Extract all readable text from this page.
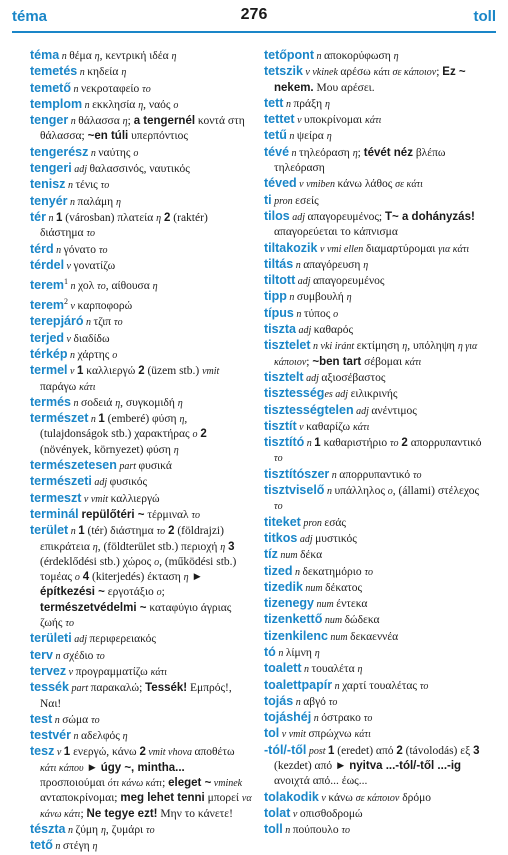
téma	276	toll
téma n θέμα η, κεντρική ιδέα η
temetés n κηδεία η
temető n νεκροταφείο το
templom n εκκλησία η, ναός ο
tenger n θάλασσα η; a tengernél κοντά στη θάλασσα; ~en túli υπερπόντιος
tengerész n ναύτης ο
tengeri adj θαλασσινός, ναυτικός
tenisz n τένις το
tenyér n παλάμη η
tér n 1 (városban) πλατεία η 2 (raktér) διάστημα το
térd n γόνατο το
térdel v γονατίζω
terem$^1$ n χολ το, αίθουσα η
terem$^2$ v καρποφορώ
terepjáró n τζιπ το
terjed v διαδίδω
térkép n χάρτης ο
termel v 1 καλλιεργώ 2 (üzem stb.) vmit παράγω κάτι
termés n σοδειά η, συγκομιδή η
természet n 1 (emberé) φύση η, (tulajdonságok stb.) χαρακτήρας ο 2 (növények, környezet) φύση η
természetesen part φυσικά
természeti adj φυσικός
termeszt v vmit καλλιεργώ
terminál repülőtéri ~ τέρμιναλ το
terület n 1 (tér) διάστημα το 2 (földrajzi) επικράτεια η, (földterület stb.) περιοχή η 3 (érdeklődési stb.) χώρος ο, (működési stb.) τομέας ο 4 (kiterjedés) έκταση η ► építkezési ~ εργοτάξιο ο; természetvédelmi ~ καταφύγιο άγριας ζωής το
területi adj περιφερειακός
terv n σχέδιο το
tervez v προγραμματίζω κάτι
tessék part παρακαλώ; Tessék! Εμπρός!, Ναι!
test n σώμα το
testvér n αδελφός η
tesz v 1 ενεργώ, κάνω 2 vmit vhova αποθέτω κάτι κάπου ► úgy ~, mintha... προσποιούμαι ότι κάνω κάτι; eleget ~ vminek ανταποκρίνομαι; meg lehet tenni μπορεί να κάνω κάτι; Ne tegye ezt! Μην το κάνετε!
tészta n ζύμη η, ζυμάρι το
tető n στέγη η
tetőpont n αποκορύφωση η
tetszik v vkinek αρέσω κάτι σε κάποιον; Ez ~ nekem. Μου αρέσει.
tett n πράξη η
tettet v υποκρίνομαι κάτι
tetű n ψείρα η
tévé n τηλεόραση η; tévét néz βλέπω τηλεόραση
téved v vmiben κάνω λάθος σε κάτι
ti pron εσείς
tilos adj απαγορευμένος; T~ a dohányzás! απαγορεύεται το κάπνισμα
tiltakozik v vmi ellen διαμαρτύρομαι για κάτι
tiltás n απαγόρευση η
tiltott adj απαγορευμένος
tipp n συμβουλή η
típus n τύπος ο
tiszta adj καθαρός
tisztelet n vki iránt εκτίμηση η, υπόληψη η για κάποιον; ~ben tart σέβομαι κάτι
tisztelt adj αξιοσέβαστος
tisztességes adj ειλικρινής
tisztességtelen adj ανέντιμος
tisztít v καθαρίζω κάτι
tisztító n 1 καθαριστήριο το 2 απορρυπαντικό το
tisztítószer n απορρυπαντικό το
tisztviselő n υπάλληλος ο, (állami) στέλεχος το
titeket pron εσάς
titkos adj μυστικός
tíz num δέκα
tized n δεκατημόριο το
tizedik num δέκατος
tizenegy num έντεκα
tizenkettő num δώδεκα
tizenkilenc num δεκαεννέα
tó n λίμνη η
toalett n τουαλέτα η
toalettpapír n χαρτί τουαλέτας το
tojás n αβγό το
tojáshéj n όστρακο το
tol v vmit σπρώχνω κάτι
-tól/-től post 1 (eredet) από 2 (távolodás) εξ 3 (kezdet) από ► nyitva ...-tól/-től ...-ig ανοιχτά από... έως...
tolakodik v κάνω σε κάποιον δρόμο
tolat v οπισθοδρομώ
toll n πούπουλο το
